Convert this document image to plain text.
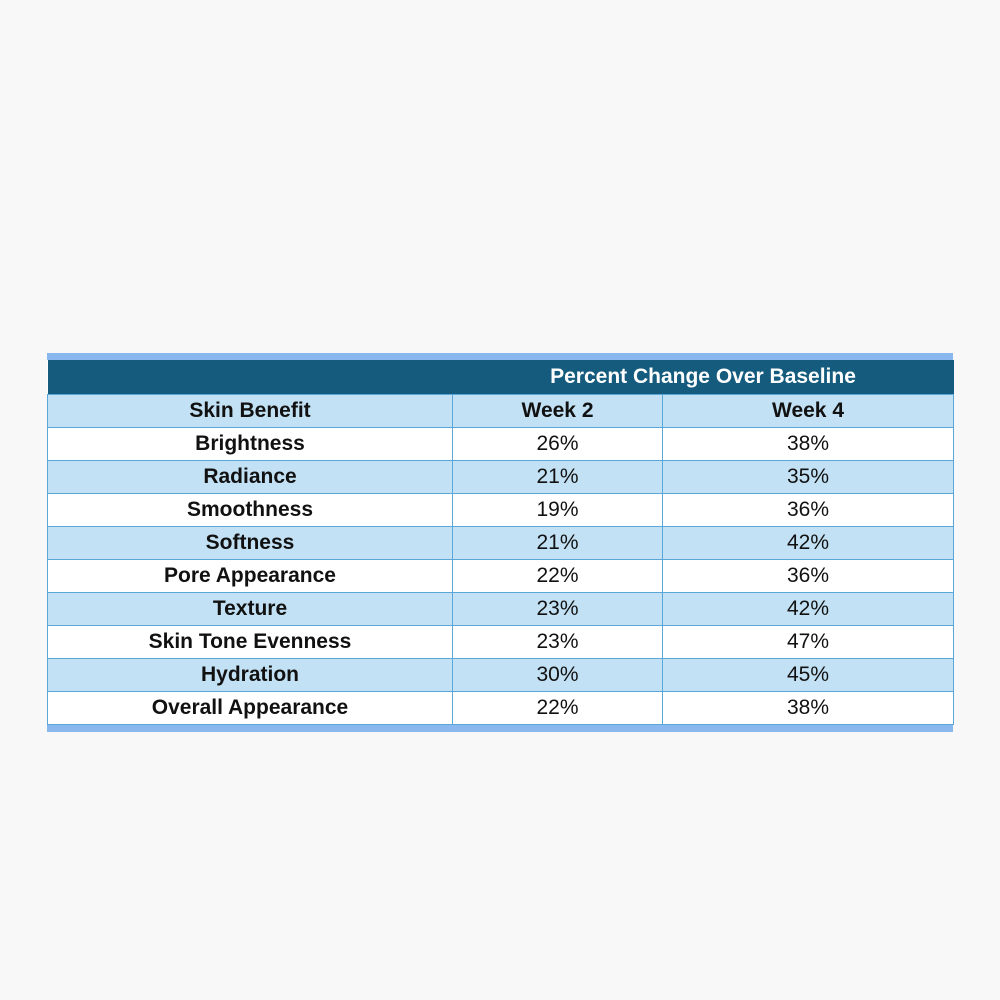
	Percent Change Over Baseline	
Skin Benefit	Week 2	Week 4
Brightness	26%	38%
Radiance	21%	35%
Smoothness	19%	36%
Softness	21%	42%
Pore Appearance	22%	36%
Texture	23%	42%
Skin Tone Evenness	23%	47%
Hydration	30%	45%
Overall Appearance	22%	38%
